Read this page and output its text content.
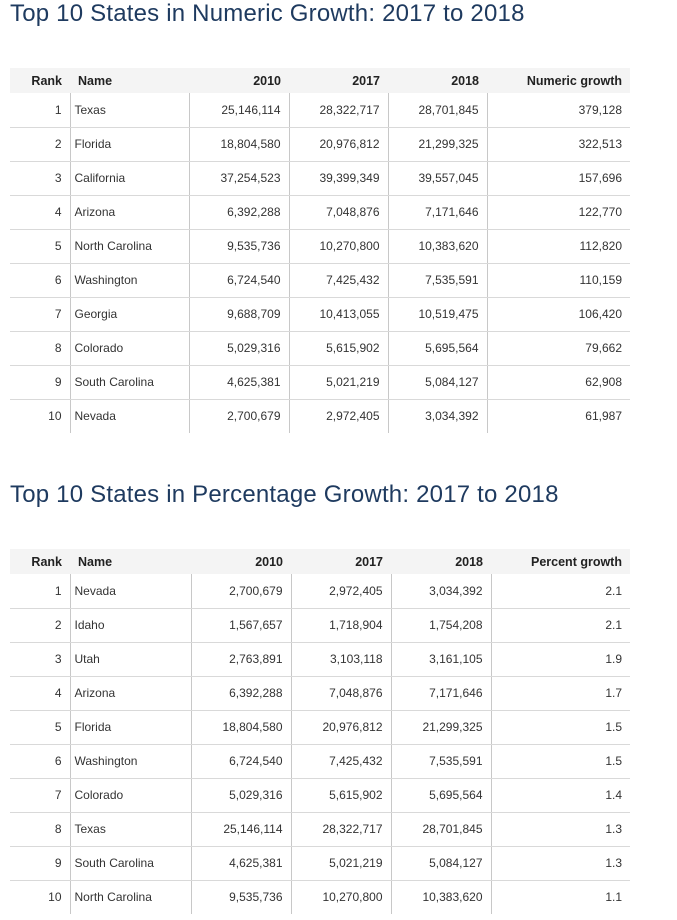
Top 10 States in Numeric Growth: 2017 to 2018
Rank	Name	2010	2017	2018	Numeric growth
1	Texas	25,146,114	28,322,717	28,701,845	379,128
2	Florida	18,804,580	20,976,812	21,299,325	322,513
3	California	37,254,523	39,399,349	39,557,045	157,696
4	Arizona	6,392,288	7,048,876	7,171,646	122,770
5	North Carolina	9,535,736	10,270,800	10,383,620	112,820
6	Washington	6,724,540	7,425,432	7,535,591	110,159
7	Georgia	9,688,709	10,413,055	10,519,475	106,420
8	Colorado	5,029,316	5,615,902	5,695,564	79,662
9	South Carolina	4,625,381	5,021,219	5,084,127	62,908
10	Nevada	2,700,679	2,972,405	3,034,392	61,987
Top 10 States in Percentage Growth: 2017 to 2018
Rank	Name	2010	2017	2018	Percent growth
1	Nevada	2,700,679	2,972,405	3,034,392	2.1
2	Idaho	1,567,657	1,718,904	1,754,208	2.1
3	Utah	2,763,891	3,103,118	3,161,105	1.9
4	Arizona	6,392,288	7,048,876	7,171,646	1.7
5	Florida	18,804,580	20,976,812	21,299,325	1.5
6	Washington	6,724,540	7,425,432	7,535,591	1.5
7	Colorado	5,029,316	5,615,902	5,695,564	1.4
8	Texas	25,146,114	28,322,717	28,701,845	1.3
9	South Carolina	4,625,381	5,021,219	5,084,127	1.3
10	North Carolina	9,535,736	10,270,800	10,383,620	1.1
